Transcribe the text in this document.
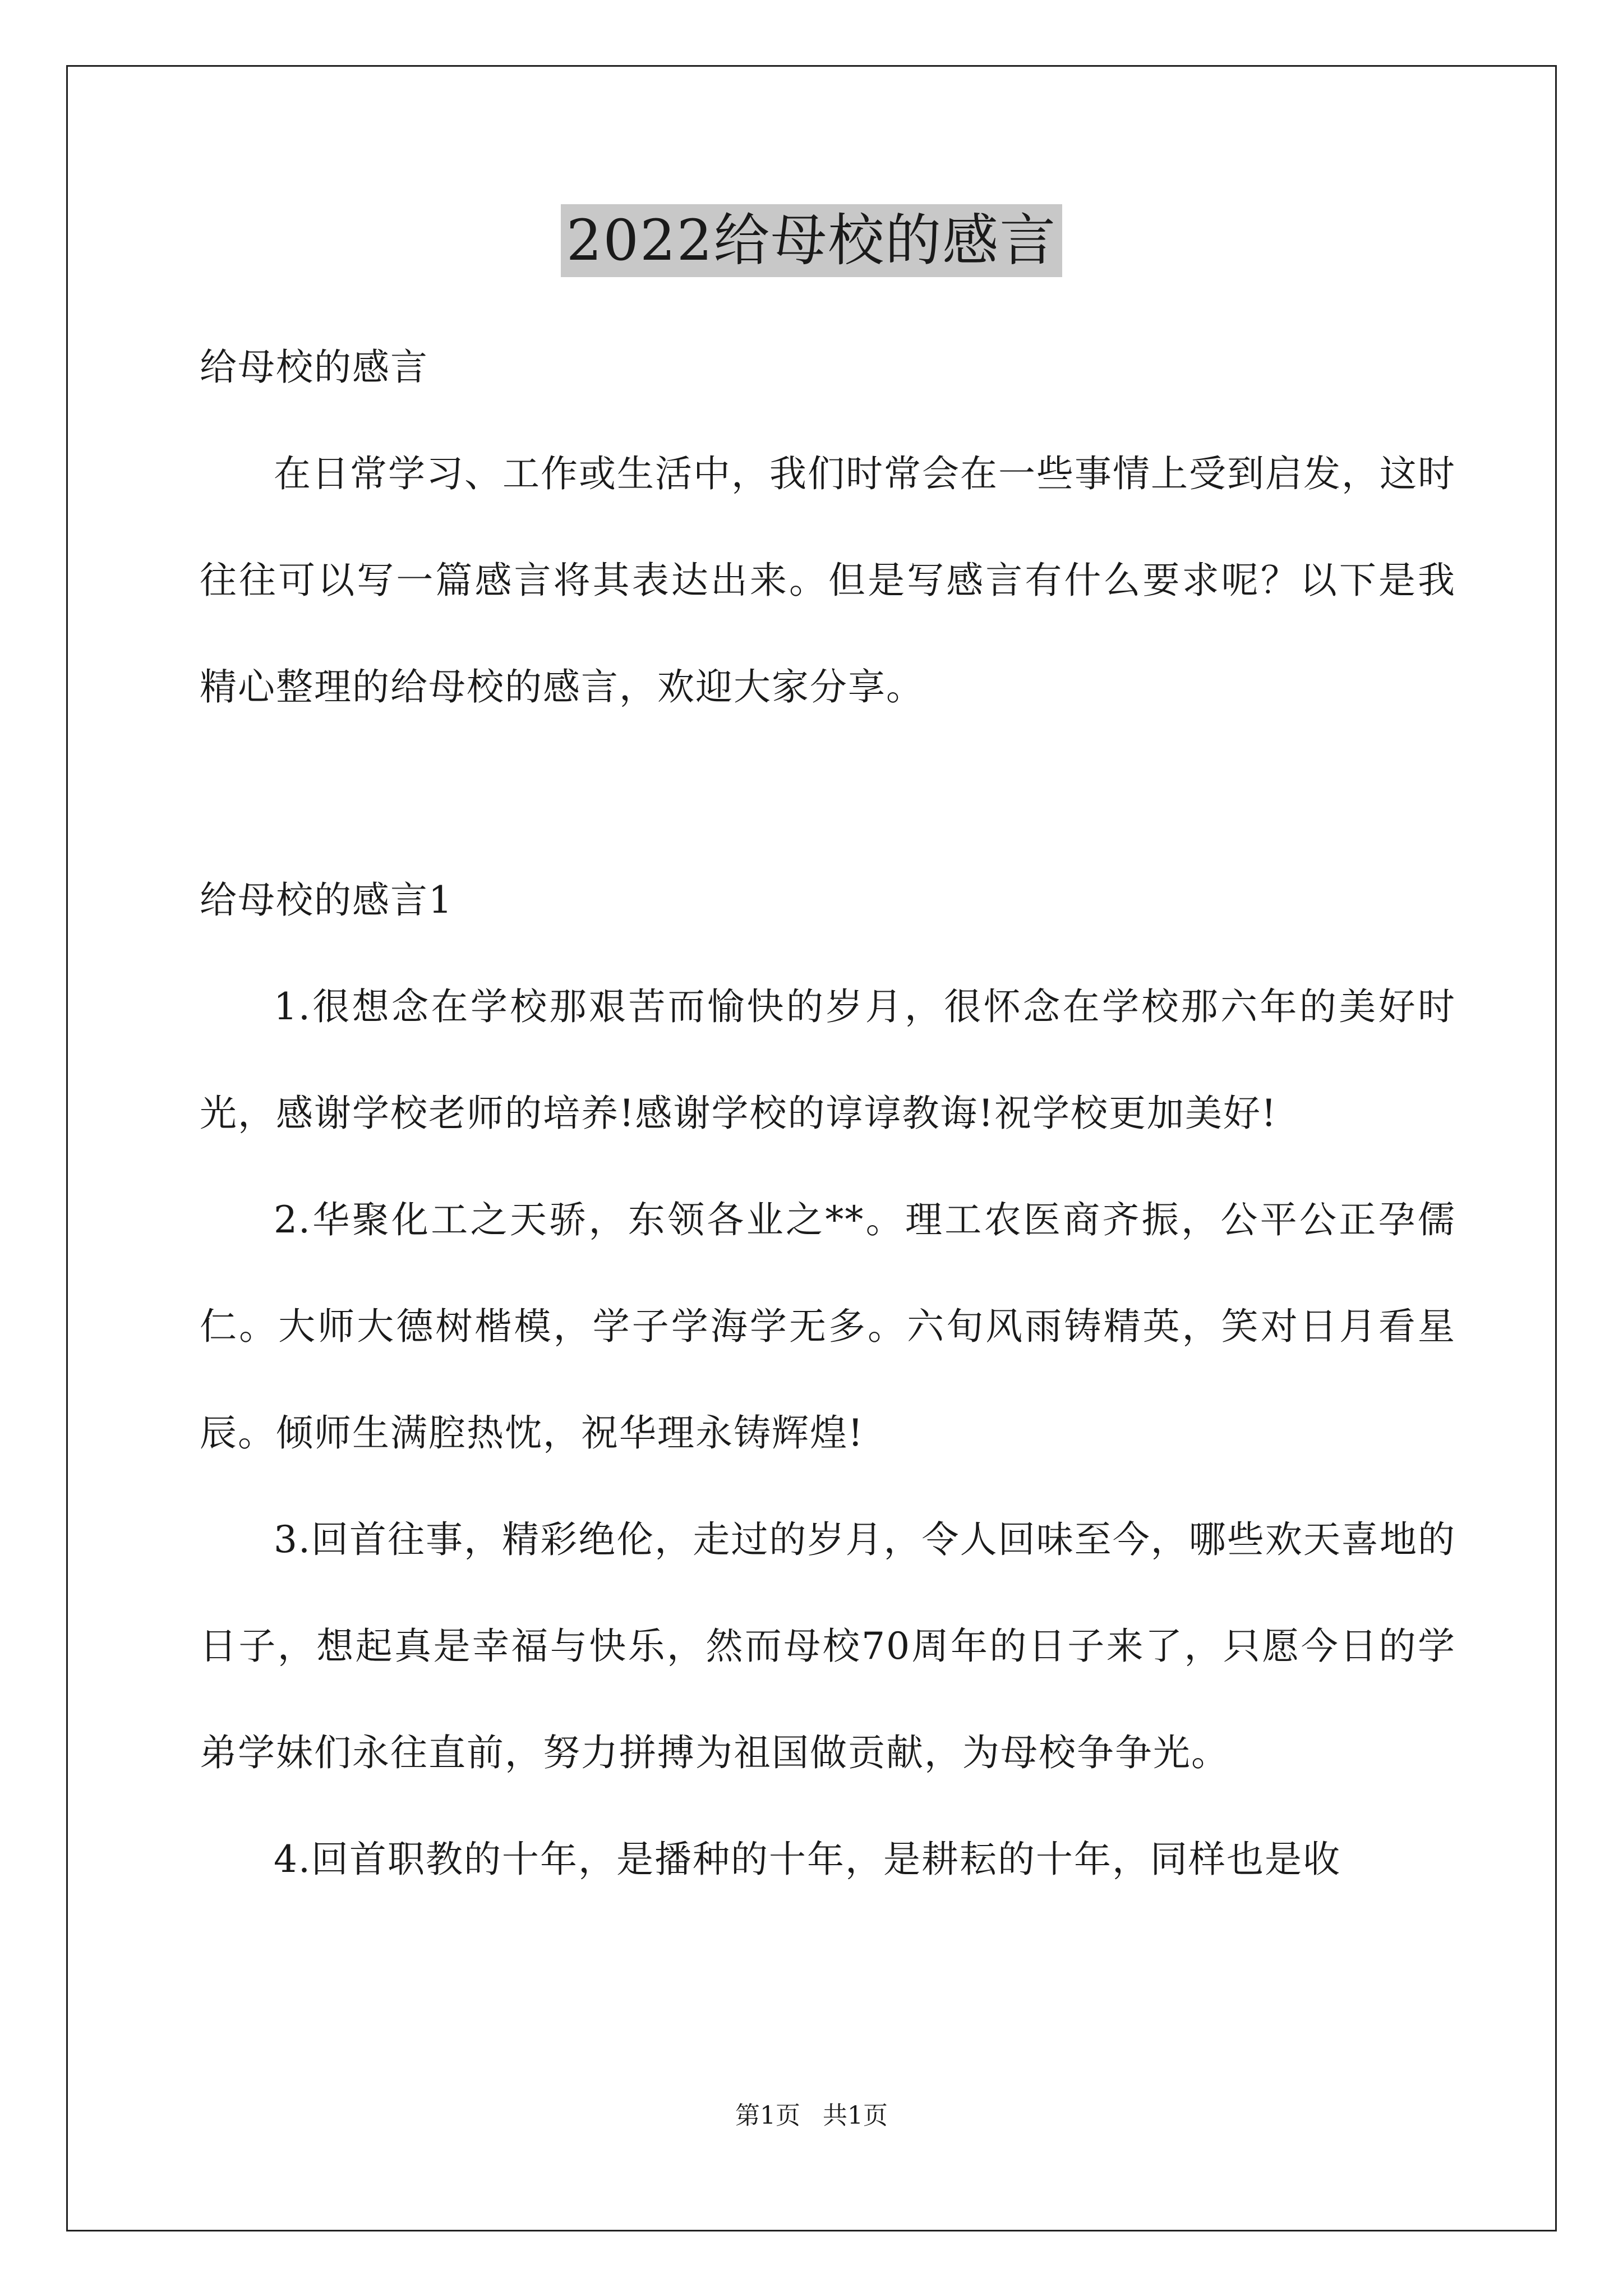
2022给母校的感言

给母校的感言

在日常学习、工作或生活中，我们时常会在一些事情上受到启发，这时往往可以写一篇感言将其表达出来。但是写感言有什么要求呢？以下是我精心整理的给母校的感言，欢迎大家分享。

给母校的感言1

1.很想念在学校那艰苦而愉快的岁月，很怀念在学校那六年的美好时光，感谢学校老师的培养!感谢学校的谆谆教诲!祝学校更加美好!

2.华聚化工之天骄，东领各业之**。理工农医商齐振，公平公正孕儒仁。大师大德树楷模，学子学海学无多。六旬风雨铸精英，笑对日月看星辰。倾师生满腔热忱，祝华理永铸辉煌!

3.回首往事，精彩绝伦，走过的岁月，令人回味至今，哪些欢天喜地的日子，想起真是幸福与快乐，然而母校70周年的日子来了，只愿今日的学弟学妹们永往直前，努力拼搏为祖国做贡献，为母校争争光。

4.回首职教的十年，是播种的十年，是耕耘的十年，同样也是收

第1页 共1页
